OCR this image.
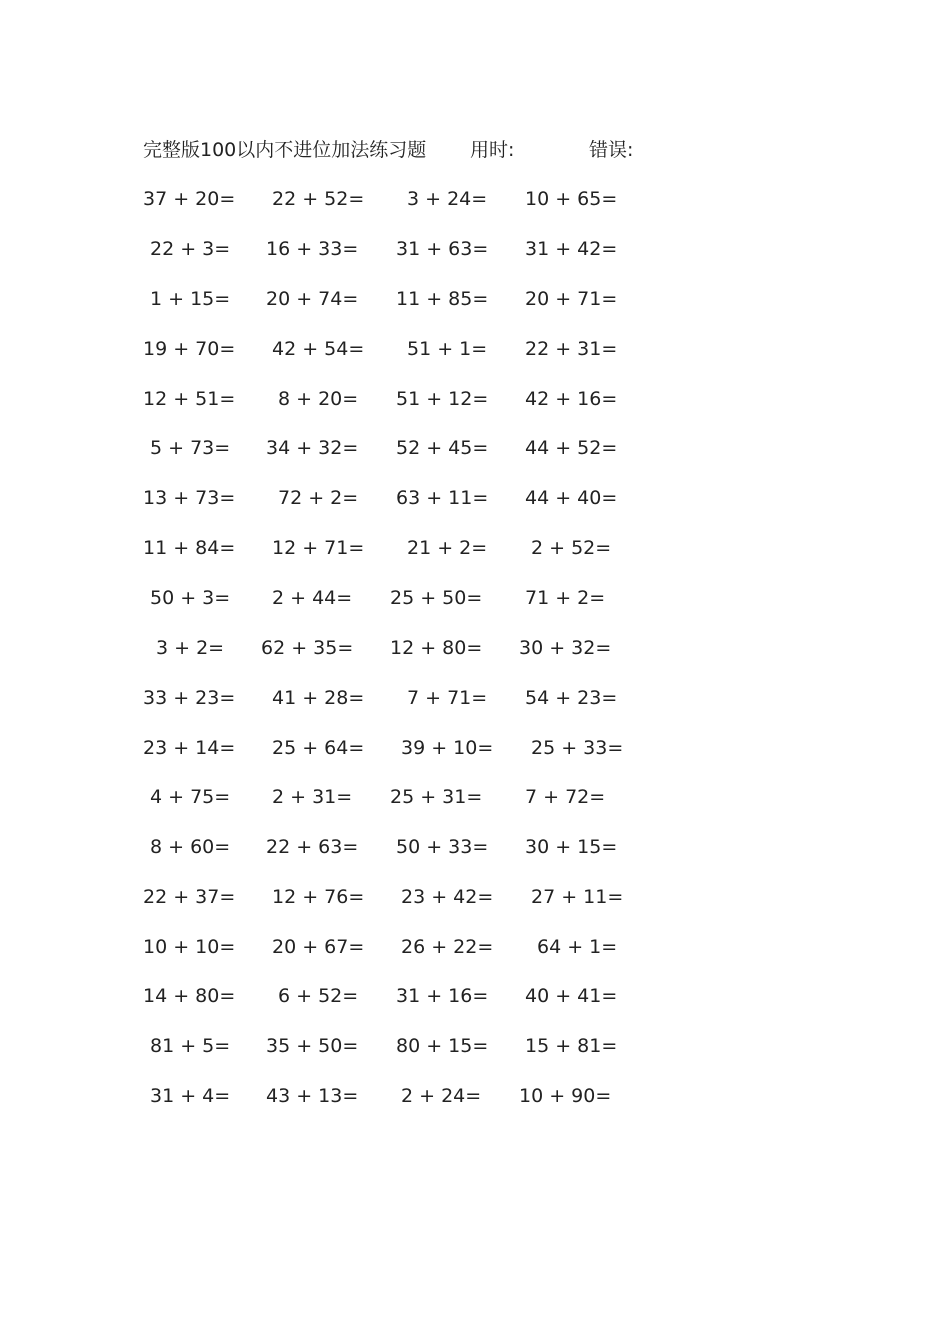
完整版100以内不进位加法练习题 用时:	错误:
37 + 20= 22 + 52= 3 + 24= 10 + 65=
22 + 3= 16 + 33= 31 + 63= 31 + 42=
1 + 15= 20 + 74= 11 + 85= 20 + 71=
19 + 70= 42 + 54= 51 + 1= 22 + 31=
12 + 51= 8 + 20= 51 + 12= 42 + 16=
5 + 73= 34 + 32= 52 + 45= 44 + 52=
13 + 73= 72 + 2= 63 + 11= 44 + 40=
11 + 84= 12 + 71= 21 + 2= 2 + 52=
50 + 3= 2 + 44= 25 + 50= 71 + 2=
3 + 2= 62 + 35= 12 + 80= 30 + 32=
33 + 23= 41 + 28= 7 + 71= 54 + 23=
23 + 14= 25 + 64= 39 + 10= 25 + 33=
4 + 75= 2 + 31= 25 + 31= 7 + 72=
8 + 60= 22 + 63= 50 + 33= 30 + 15=
22 + 37= 12 + 76= 23 + 42= 27 + 11=
10 + 10= 20 + 67= 26 + 22= 64 + 1=
14 + 80= 6 + 52= 31 + 16= 40 + 41=
81 + 5= 35 + 50= 80 + 15= 15 + 81=
31 + 4= 43 + 13= 2 + 24= 10 + 90=
